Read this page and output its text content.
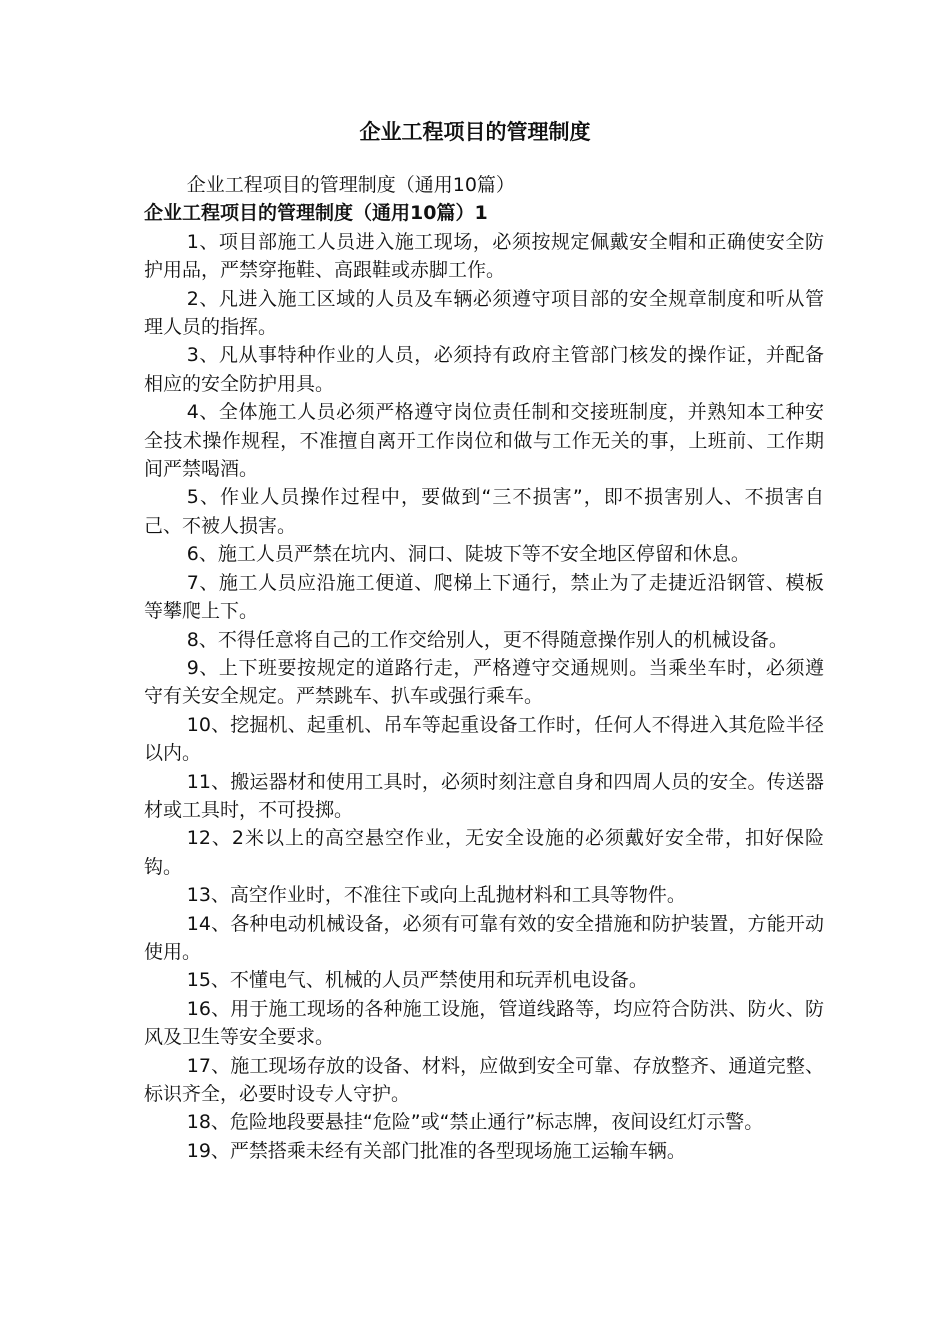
企业工程项目的管理制度

企业工程项目的管理制度（通用10篇）

企业工程项目的管理制度（通用10篇）1

1、项目部施工人员进入施工现场，必须按规定佩戴安全帽和正确使安全防护用品，严禁穿拖鞋、高跟鞋或赤脚工作。

2、凡进入施工区域的人员及车辆必须遵守项目部的安全规章制度和听从管理人员的指挥。

3、凡从事特种作业的人员，必须持有政府主管部门核发的操作证，并配备相应的安全防护用具。

4、全体施工人员必须严格遵守岗位责任制和交接班制度，并熟知本工种安全技术操作规程，不准擅自离开工作岗位和做与工作无关的事，上班前、工作期间严禁喝酒。

5、作业人员操作过程中，要做到“三不损害”，即不损害别人、不损害自己、不被人损害。

6、施工人员严禁在坑内、洞口、陡坡下等不安全地区停留和休息。

7、施工人员应沿施工便道、爬梯上下通行，禁止为了走捷近沿钢管、模板等攀爬上下。

8、不得任意将自己的工作交给别人，更不得随意操作别人的机械设备。

9、上下班要按规定的道路行走，严格遵守交通规则。当乘坐车时，必须遵守有关安全规定。严禁跳车、扒车或强行乘车。

10、挖掘机、起重机、吊车等起重设备工作时，任何人不得进入其危险半径以内。

11、搬运器材和使用工具时，必须时刻注意自身和四周人员的安全。传送器材或工具时，不可投掷。

12、2米以上的高空悬空作业，无安全设施的必须戴好安全带，扣好保险钩。

13、高空作业时，不准往下或向上乱抛材料和工具等物件。

14、各种电动机械设备，必须有可靠有效的安全措施和防护装置，方能开动使用。

15、不懂电气、机械的人员严禁使用和玩弄机电设备。

16、用于施工现场的各种施工设施，管道线路等，均应符合防洪、防火、防风及卫生等安全要求。

17、施工现场存放的设备、材料，应做到安全可靠、存放整齐、通道完整、标识齐全，必要时设专人守护。

18、危险地段要悬挂“危险”或“禁止通行”标志牌，夜间设红灯示警。

19、严禁搭乘未经有关部门批准的各型现场施工运输车辆。
